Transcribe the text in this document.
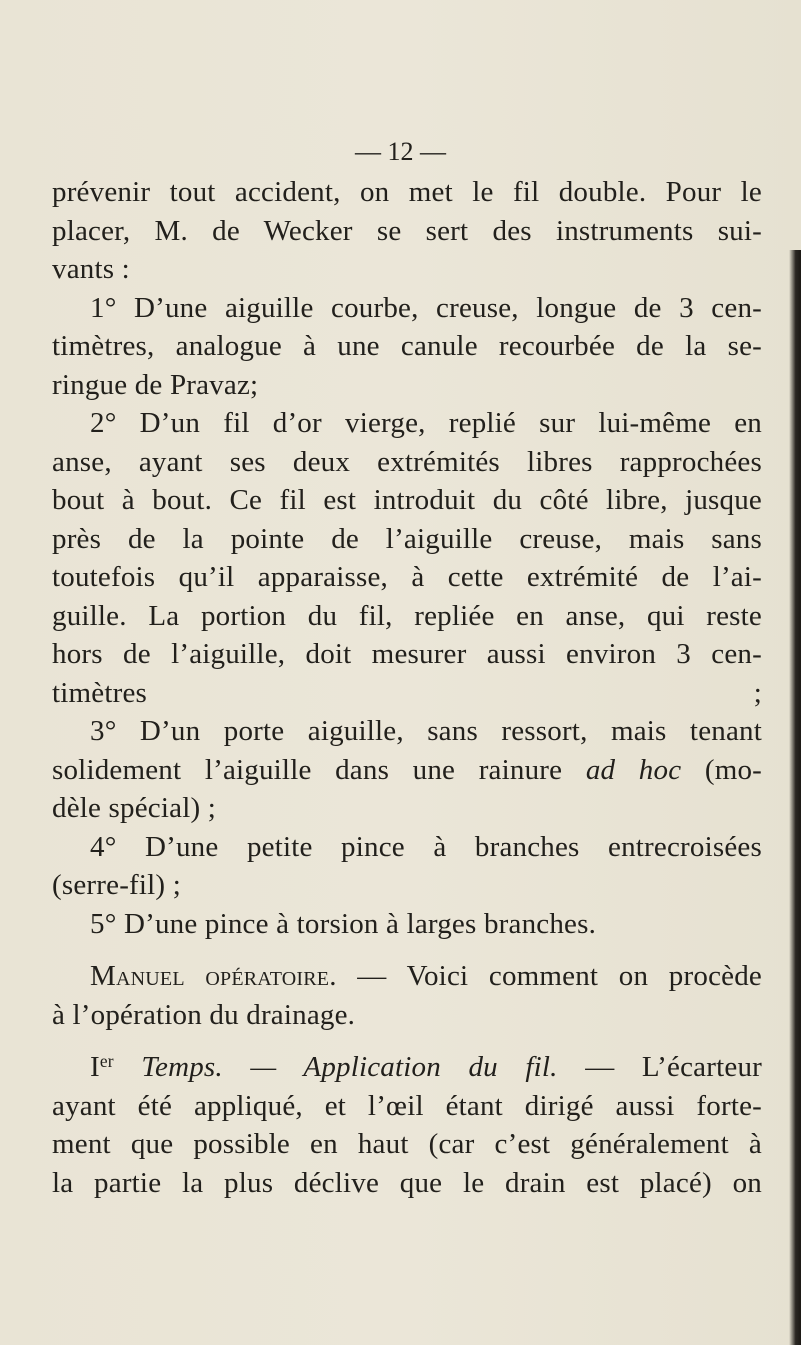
— 12 —
prévenir tout accident, on met le fil double. Pour le
placer, M. de Wecker se sert des instruments sui-
vants :
1° D’une aiguille courbe, creuse, longue de 3 cen-
timètres, analogue à une canule recourbée de la se-
ringue de Pravaz;
2° D’un fil d’or vierge, replié sur lui-même en
anse, ayant ses deux extrémités libres rapprochées
bout à bout. Ce fil est introduit du côté libre, jusque
près de la pointe de l’aiguille creuse, mais sans
toutefois qu’il apparaisse, à cette extrémité de l’ai-
guille. La portion du fil, repliée en anse, qui reste
hors de l’aiguille, doit mesurer aussi environ 3 cen-
timètres ;
3° D’un porte aiguille, sans ressort, mais tenant
solidement l’aiguille dans une rainure ad hoc (mo-
dèle spécial) ;
4° D’une petite pince à branches entrecroisées
(serre-fil) ;
5° D’une pince à torsion à larges branches.
Manuel opératoire. — Voici comment on procède
à l’opération du drainage.
Ier Temps. — Application du fil. — L’écarteur
ayant été appliqué, et l’œil étant dirigé aussi forte-
ment que possible en haut (car c’est généralement à
la partie la plus déclive que le drain est placé) on
